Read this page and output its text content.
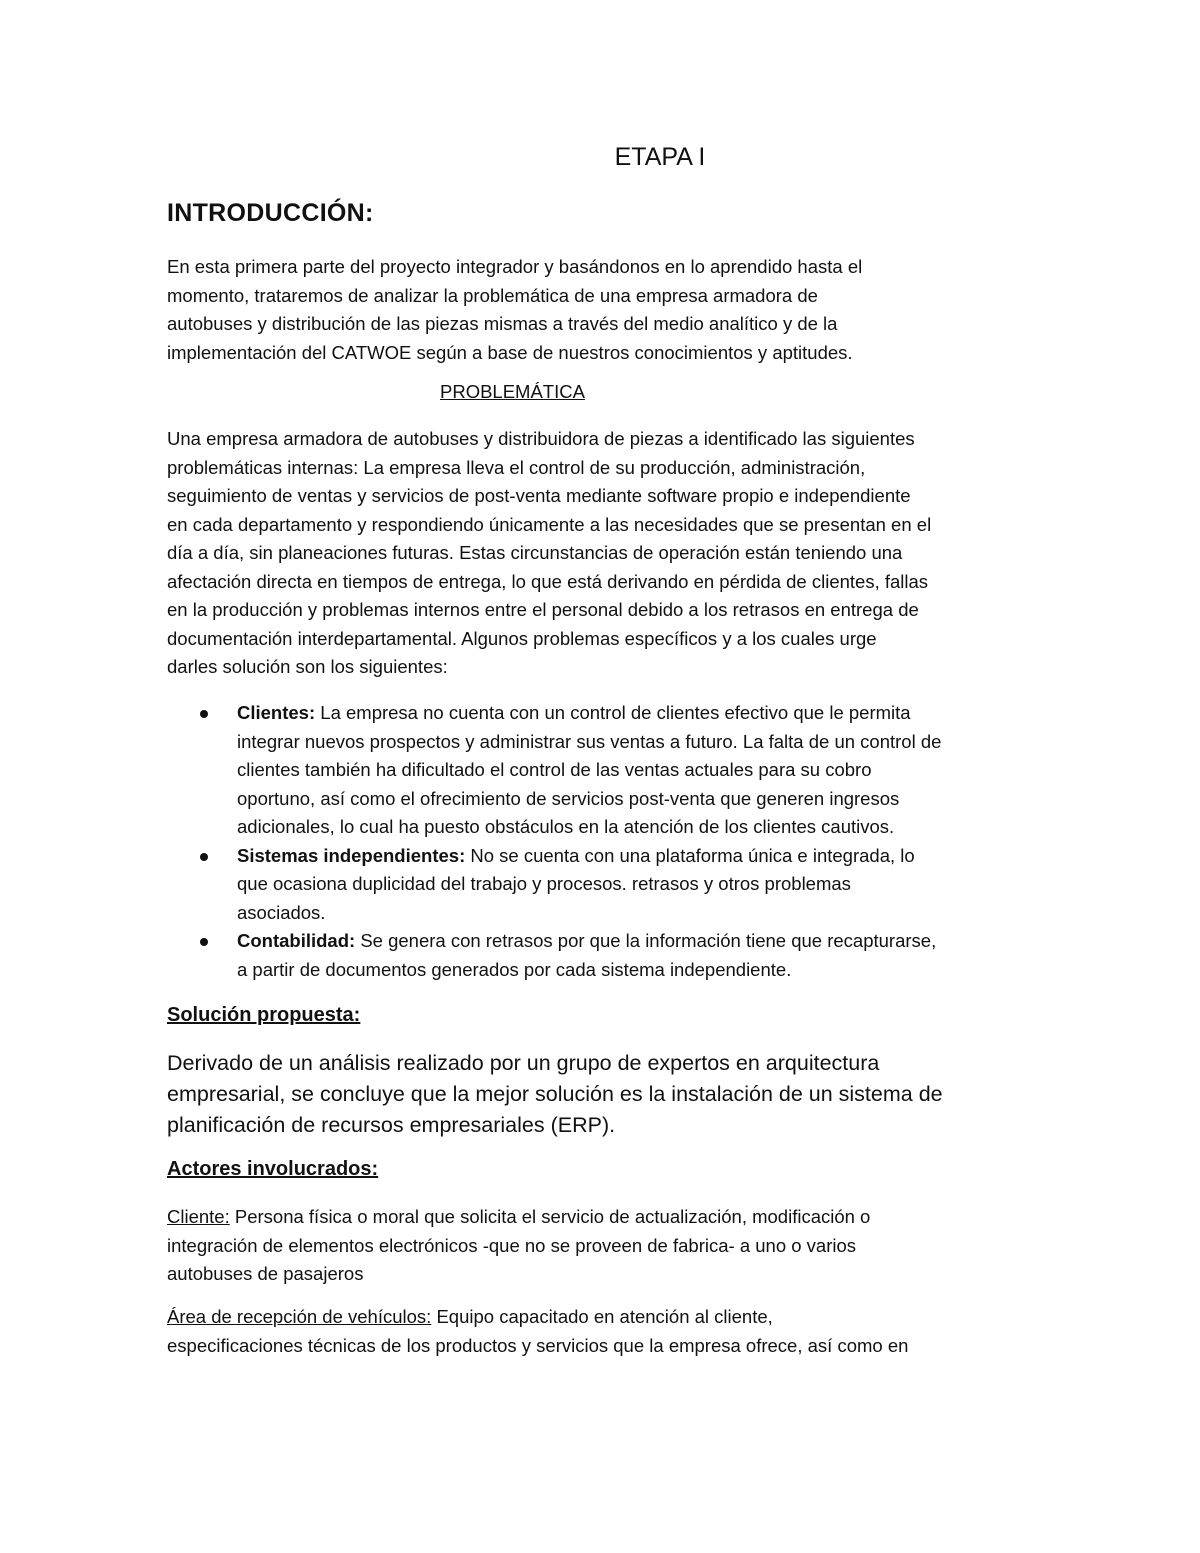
ETAPA I
INTRODUCCIÓN:
En esta primera parte del proyecto integrador y basándonos en lo aprendido hasta el
momento, trataremos de analizar la problemática de una empresa armadora de
autobuses y distribución de las piezas mismas a través del medio analítico y de la
implementación del CATWOE según a base de nuestros conocimientos y aptitudes.
PROBLEMÁTICA
Una empresa armadora de autobuses y distribuidora de piezas a identificado las siguientes
problemáticas internas: La empresa lleva el control de su producción, administración,
seguimiento de ventas y servicios de post-venta mediante software propio e independiente
en cada departamento y respondiendo únicamente a las necesidades que se presentan en el
día a día, sin planeaciones futuras. Estas circunstancias de operación están teniendo una
afectación directa en tiempos de entrega, lo que está derivando en pérdida de clientes, fallas
en la producción y problemas internos entre el personal debido a los retrasos en entrega de
documentación interdepartamental. Algunos problemas específicos y a los cuales urge
darles solución son los siguientes:
Clientes: La empresa no cuenta con un control de clientes efectivo que le permita
integrar nuevos prospectos y administrar sus ventas a futuro. La falta de un control de
clientes también ha dificultado el control de las ventas actuales para su cobro
oportuno, así como el ofrecimiento de servicios post-venta que generen ingresos
adicionales, lo cual ha puesto obstáculos en la atención de los clientes cautivos.
Sistemas independientes: No se cuenta con una plataforma única e integrada, lo
que ocasiona duplicidad del trabajo y procesos. retrasos y otros problemas
asociados.
Contabilidad: Se genera con retrasos por que la información tiene que recapturarse,
a partir de documentos generados por cada sistema independiente.
Solución propuesta:
Derivado de un análisis realizado por un grupo de expertos en arquitectura
empresarial, se concluye que la mejor solución es la instalación de un sistema de
planificación de recursos empresariales (ERP).
Actores involucrados:
Cliente: Persona física o moral que solicita el servicio de actualización, modificación o
integración de elementos electrónicos -que no se proveen de fabrica- a uno o varios
autobuses de pasajeros
Área de recepción de vehículos: Equipo capacitado en atención al cliente,
especificaciones técnicas de los productos y servicios que la empresa ofrece, así como en
